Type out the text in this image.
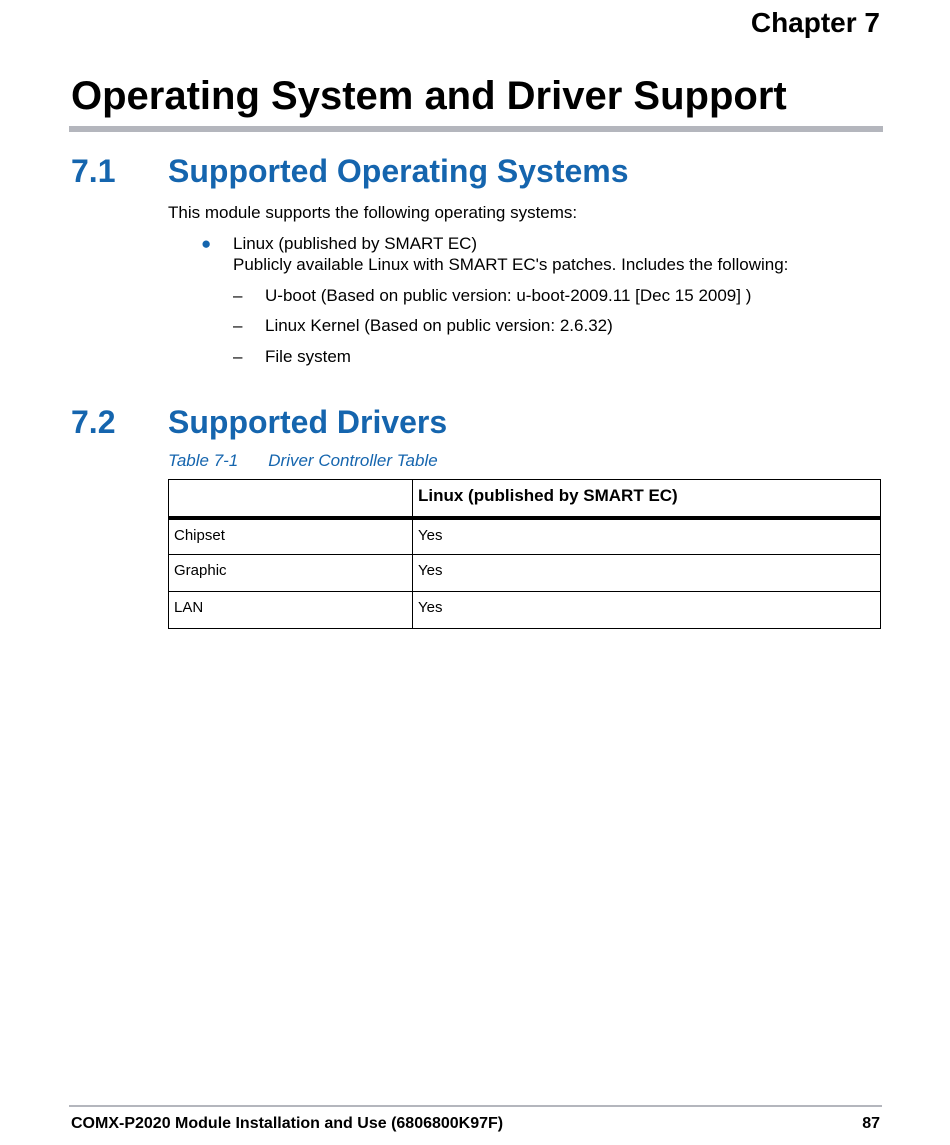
Chapter 7
Operating System and Driver Support
7.1 Supported Operating Systems
This module supports the following operating systems:
● Linux (published by SMART EC)
Publicly available Linux with SMART EC's patches. Includes the following:
– U-boot (Based on public version: u-boot-2009.11 [Dec 15 2009] )
– Linux Kernel (Based on public version: 2.6.32)
– File system
7.2 Supported Drivers
Table 7-1 Driver Controller Table
	Linux (published by SMART EC)
Chipset	Yes
Graphic	Yes
LAN	Yes
COMX-P2020 Module Installation and Use (6806800K97F)	87
